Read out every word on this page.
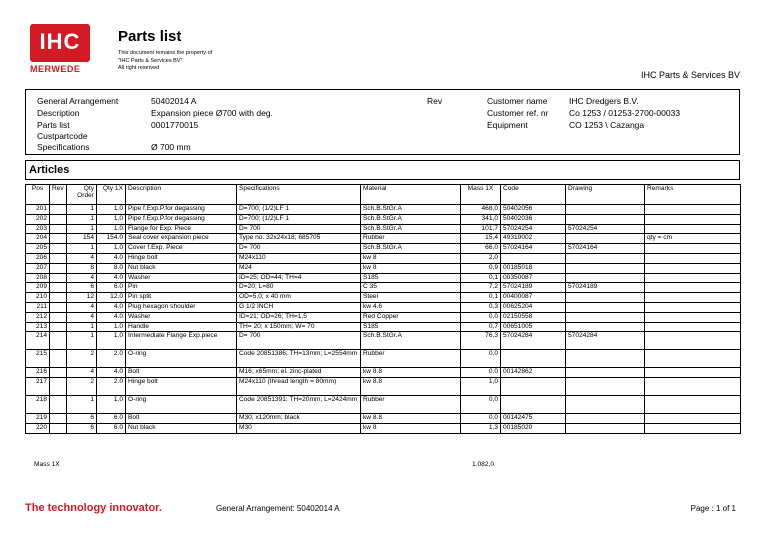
IHC
MERWEDE
Parts list
This document remains the property of
"IHC Parts & Services BV"
All right reserved
IHC Parts & Services BV
General Arrangement	50402014 A
Description	Expansion piece Ø700 with deg.
Parts list	0001770015
Custpartcode
Specifications	Ø 700 mm
Rev	Customer name	IHC Dredgers B.V.
Customer ref. nr Co 1253 / 01253-2700-00033
Equipment	CO 1253 \ Cazanga
Articles
Pos	Rev	Qty Order	Qty 1X	Description	Specifications	Material	Mass 1X	Code	Drawing	Remarks
201		1	1.0	Pipe f.Exp.P.for degassing	D=700; (1/2)LF 1	Sch.B.StGr.A	468,0	50402056		
202		1	1.0	Pipe f.Exp.P.for degassing	D=700; (1/2)LF 1	Sch.B.StGr.A	341,0	50402036		
203		1	1.0	Flange for Exp. Piece	D= 700	Sch.B.StGr.A	101,7	57024254	57024254	
204		154	154.0	Seal cover expansion piece	Type no. 32x24x18; 685705	Rubber	15,4	49319002		qty = cm
205		1	1.0	Cover f.Exp. Piece	D= 700	Sch.B.StGr.A	66,0	57024164	57024164	
206		4	4.0	Hinge bolt	M24x110	kw 8	2,0			
207		8	8.0	Nut black	M24	kw 8	0,9	00185018		
208		4	4.0	Washer	ID=25; OD=44; TH=4	S185	0,1	00350087		
209		6	6.0	Pin	D=20; L=80	C 35	7,2	57024189	57024189	
210		12	12.0	Pin split	OD=5,0; x 40 mm	Steel	0,1	00400087		
211		4	4.0	Plug hexagon shoulder	G 1/2 INCH	kw 4.6	0,3	00625204		
212		4	4.0	Washer	ID=21; OD=26; TH=1,5	Red Copper	0,0	02150558		
213		1	1.0	Handle	TH= 20; x 150mm; W= 70	S185	0,7	00651005		
214		1	1.0	Intermediate Flange Exp.piece	D= 700	Sch.B.StGr.A	76,3	57024284	57024284	
215		2	2.0	O-ring	Code 20851386; TH=13mm; L=2554mm	Rubber	0,0			
216		4	4.0	Bolt	M16; x65mm; el. zinc-plated	kw 8.8	0,0	00142862		
217		2	2.0	Hinge bolt	M24x110 (thread length = 80mm)	kw 8.8	1,0			
218		1	1.0	O-ring	Code 20851391; TH=20mm; L=2424mm	Rubber	0,0			
219		6	6.0	Bolt	M30; x120mm; black	kw 8.8	0,0	00142475		
220		6	6.0	Nut black	M30	kw 8	1,3	00185020		
Mass 1X	1.082,0
The technology innovator.	General Arrangement: 50402014 A	Page : 1 of 1
